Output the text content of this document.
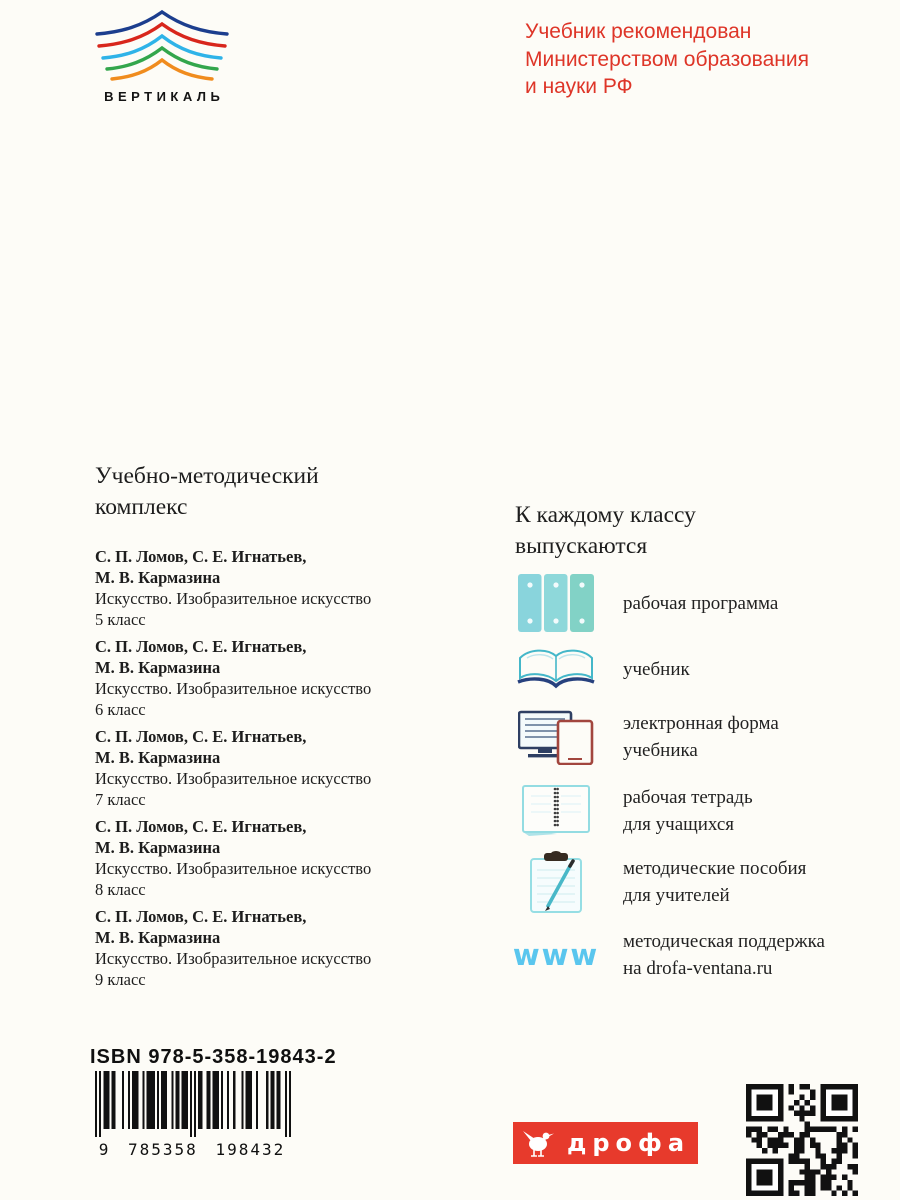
ВЕРТИКАЛЬ
Учебник рекомендован
Министерством образования
и науки РФ
Учебно-методический комплекс
С. П. Ломов, С. Е. Игнатьев,
М. В. Кармазина
Искусство. Изобразительное искусство
5 класс
С. П. Ломов, С. Е. Игнатьев,
М. В. Кармазина
Искусство. Изобразительное искусство
6 класс
С. П. Ломов, С. Е. Игнатьев,
М. В. Кармазина
Искусство. Изобразительное искусство
7 класс
С. П. Ломов, С. Е. Игнатьев,
М. В. Кармазина
Искусство. Изобразительное искусство
8 класс
С. П. Ломов, С. Е. Игнатьев,
М. В. Кармазина
Искусство. Изобразительное искусство
9 класс
К каждому классу выпускаются
рабочая программа
учебник
электронная форма
учебника
рабочая тетрадь
для учащихся
методические пособия
для учителей
www методическая поддержка
на drofa-ventana.ru
ISBN 978-5-358-19843-2
9 785358 198432	дрофа
